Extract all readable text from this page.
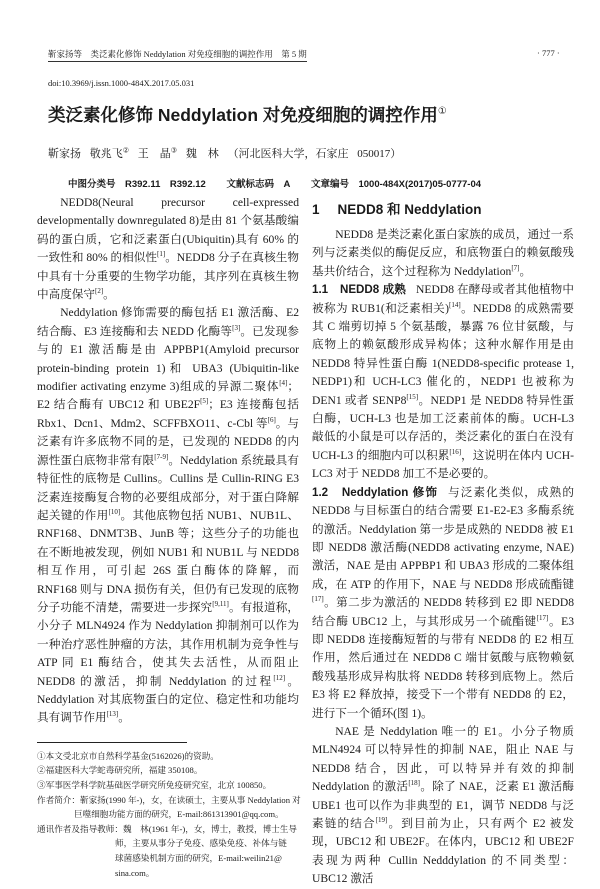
靳家扬等　类泛素化修饰 Neddylation 对免疫细胞的调控作用　第 5 期	· 777 ·
doi:10.3969/j.issn.1000-484X.2017.05.031
类泛素化修饰 Neddylation 对免疫细胞的调控作用①
靳家扬 敬兆飞② 王　晶③ 魏　林 （河北医科大学，石家庄 050017）
中图分类号　R392.11　R392.12 文献标志码　A 文章编号　1000-484X(2017)05-0777-04

NEDD8(Neural precursor cell-expressed developmentally downregulated 8)是由 81 个氨基酸编码的蛋白质，它和泛素蛋白(Ubiquitin)具有 60% 的一致性和 80% 的相似性[1]。NEDD8 分子在真核生物中具有十分重要的生物学功能，其序列在真核生物中高度保守[2]。

Neddylation 修饰需要的酶包括 E1 激活酶、E2 结合酶、E3 连接酶和去 NEDD 化酶等[3]。已发现参与的 E1 激活酶是由 APPBP1(Amyloid precursor protein-binding protein 1)和 UBA3 (Ubiquitin-like modifier activating enzyme 3)组成的异源二聚体[4]；E2 结合酶有 UBC12 和 UBE2F[5]；E3 连接酶包括 Rbx1、Dcn1、Mdm2、SCFFBXO11、c-Cbl 等[6]。与泛素有许多底物不同的是，已发现的 NEDD8 的内源性蛋白底物非常有限[7-9]。Neddylation 系统最具有特征性的底物是 Cullins。Cullins 是 Cullin-RING E3 泛素连接酶复合物的必要组成部分，对于蛋白降解起关键的作用[10]。其他底物包括 NUB1、NUB1L、RNF168、DNMT3B、JunB 等；这些分子的功能也在不断地被发现，例如 NUB1 和 NUB1L 与 NEDD8 相互作用，可引起 26S 蛋白酶体的降解，而 RNF168 则与 DNA 损伤有关，但仍有已发现的底物分子功能不清楚，需要进一步探究[9,11]。有报道称，小分子 MLN4924 作为 Neddylation 抑制剂可以作为一种治疗恶性肿瘤的方法，其作用机制为竞争性与 ATP 同 E1 酶结合，使其失去活性，从而阻止 NEDD8 的激活，抑制 Neddylation 的过程[12]。Neddylation 对其底物蛋白的定位、稳定性和功能均具有调节作用[13]。

①本文受北京市自然科学基金(5162026)的资助。
②福建医科大学蛇毒研究所，福建 350108。
③军事医学科学院基础医学研究所免疫研究室，北京 100850。
作者简介：靳家扬(1990 年-)，女，在读硕士，主要从事 Neddylation 对
巨噬细胞功能方面的研究，E-mail:861313901@qq.com。
通讯作者及指导教师：魏　林(1961 年-)，女，博士，教授，博士生导
师，主要从事分子免疫、感染免疫、补体与链
球菌感染机制方面的研究，E-mail:weilin21@
sina.com。
1 NEDD8 和 Neddylation

NEDD8 是类泛素化蛋白家族的成员，通过一系列与泛素类似的酶促反应，和底物蛋白的赖氨酸残基共价结合，这个过程称为 Neddylation[7]。

1.1　NEDD8 成熟 NEDD8 在酵母或者其他植物中被称为 RUB1(和泛素相关)[14]。NEDD8 的成熟需要其 C 端剪切掉 5 个氨基酸，暴露 76 位甘氨酸，与底物上的赖氨酸形成异构体；这种水解作用是由 NEDD8 特异性蛋白酶 1(NEDD8-specific protease 1, NEDP1)和 UCH-LC3 催化的，NEDP1 也被称为 DEN1 或者 SENP8[15]。NEDP1 是 NEDD8 特异性蛋白酶，UCH-L3 也是加工泛素前体的酶。UCH-L3 敲低的小鼠是可以存活的，类泛素化的蛋白在没有 UCH-L3 的细胞内可以积累[16]，这说明在体内 UCH-LC3 对于 NEDD8 加工不是必要的。

1.2　Neddylation 修饰 与泛素化类似，成熟的 NEDD8 与目标蛋白的结合需要 E1-E2-E3 多酶系统的激活。Neddylation 第一步是成熟的 NEDD8 被 E1 即 NEDD8 激活酶(NEDD8 activating enzyme, NAE)激活，NAE 是由 APPBP1 和 UBA3 形成的二聚体组成，在 ATP 的作用下，NAE 与 NEDD8 形成硫酯键[17]。第二步为激活的 NEDD8 转移到 E2 即 NEDD8 结合酶 UBC12 上，与其形成另一个硫酯键[17]。E3 即 NEDD8 连接酶短暂的与带有 NEDD8 的 E2 相互作用，然后通过在 NEDD8 C 端甘氨酸与底物赖氨酸残基形成异构肽将 NEDD8 转移到底物上。然后 E3 将 E2 释放掉，接受下一个带有 NEDD8 的 E2，进行下一个循环(图 1)。

NAE 是 Neddylation 唯一的 E1。小分子物质 MLN4924 可以特异性的抑制 NAE，阻止 NAE 与 NEDD8 结合，因此，可以特异并有效的抑制 Neddylation 的激活[18]。除了 NAE，泛素 E1 激活酶 UBE1 也可以作为非典型的 E1，调节 NEDD8 与泛素链的结合[19]。到目前为止，只有两个 E2 被发现，UBC12 和 UBE2F。在体内，UBC12 和 UBE2F 表现为两种 Cullin Nedddylation 的不同类型：UBC12 激活
